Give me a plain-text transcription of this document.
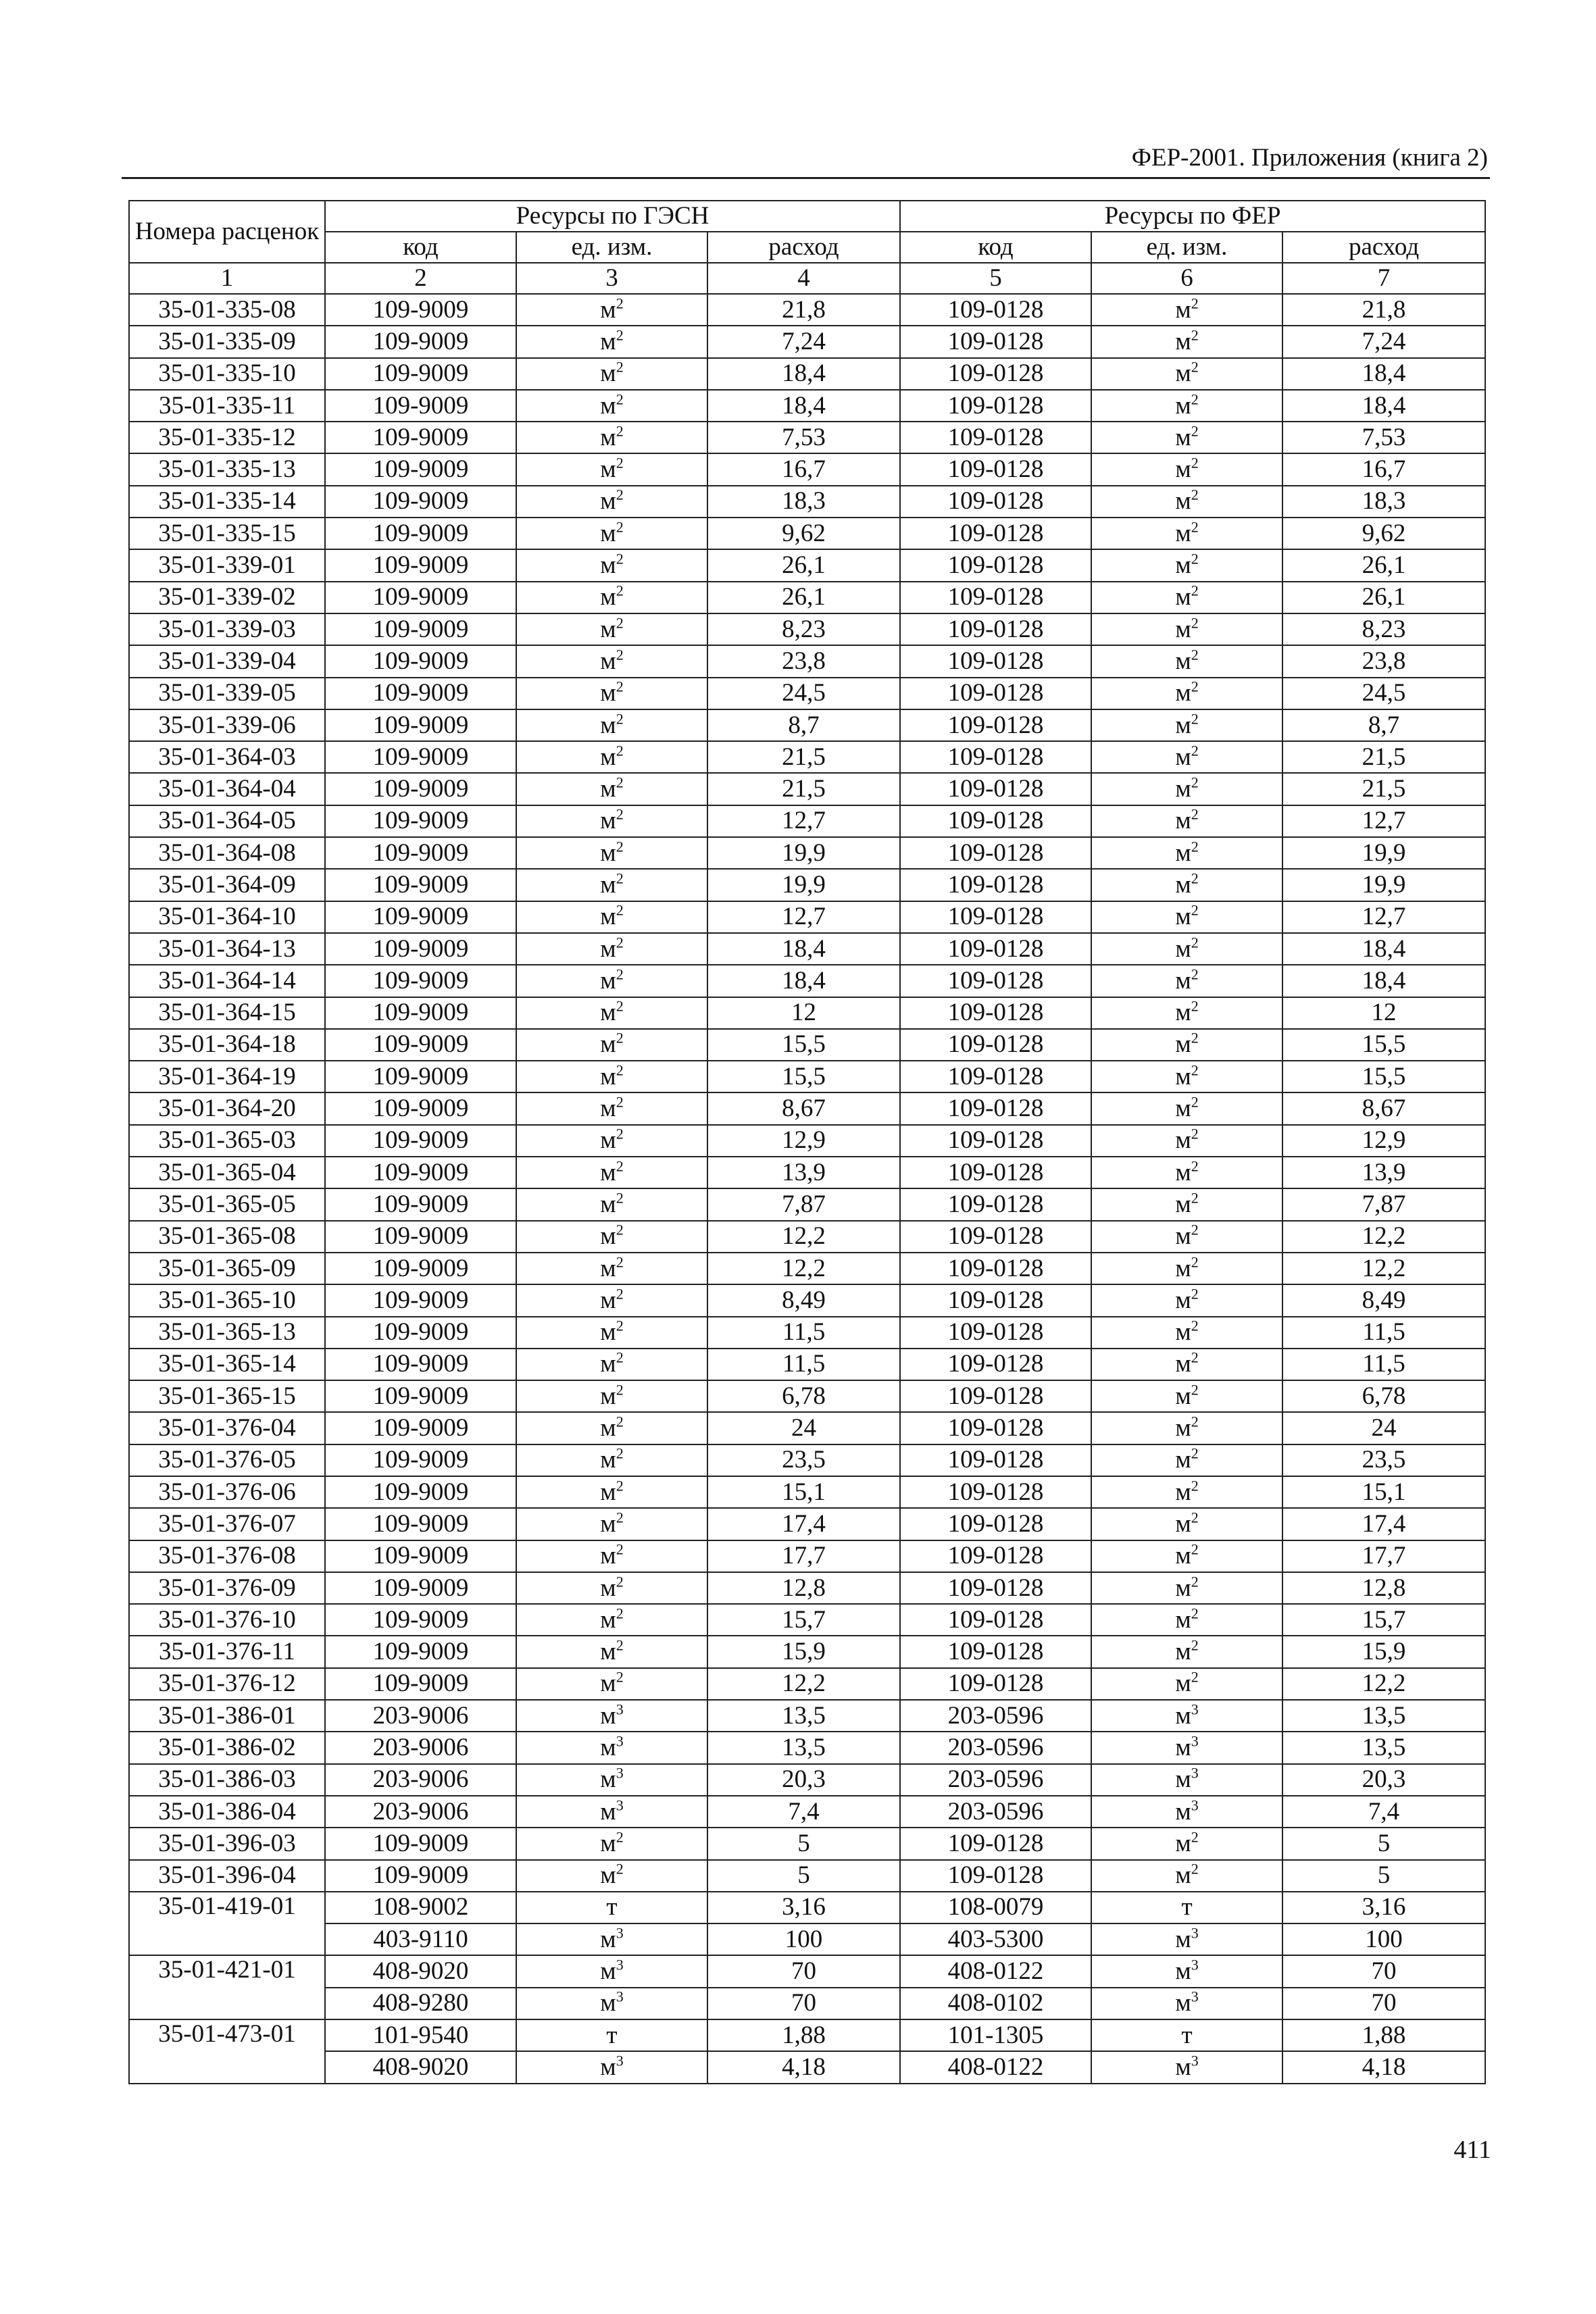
ФЕР-2001. Приложения (книга 2)
Номера расценок	Ресурсы по ГЭСН			Ресурсы по ФЕР		
	код	ед. изм.	расход	код	ед. изм.	расход
1	2	3	4	5	6	7
35-01-335-08	109-9009	$м^2$	21,8	109-0128	$м^2$	21,8
35-01-335-09	109-9009	$м^2$	7,24	109-0128	$м^2$	7,24
35-01-335-10	109-9009	$м^2$	18,4	109-0128	$м^2$	18,4
35-01-335-11	109-9009	$м^2$	18,4	109-0128	$м^2$	18,4
35-01-335-12	109-9009	$м^2$	7,53	109-0128	$м^2$	7,53
35-01-335-13	109-9009	$м^2$	16,7	109-0128	$м^2$	16,7
35-01-335-14	109-9009	$м^2$	18,3	109-0128	$м^2$	18,3
35-01-335-15	109-9009	$м^2$	9,62	109-0128	$м^2$	9,62
35-01-339-01	109-9009	$м^2$	26,1	109-0128	$м^2$	26,1
35-01-339-02	109-9009	$м^2$	26,1	109-0128	$м^2$	26,1
35-01-339-03	109-9009	$м^2$	8,23	109-0128	$м^2$	8,23
35-01-339-04	109-9009	$м^2$	23,8	109-0128	$м^2$	23,8
35-01-339-05	109-9009	$м^2$	24,5	109-0128	$м^2$	24,5
35-01-339-06	109-9009	$м^2$	8,7	109-0128	$м^2$	8,7
35-01-364-03	109-9009	$м^2$	21,5	109-0128	$м^2$	21,5
35-01-364-04	109-9009	$м^2$	21,5	109-0128	$м^2$	21,5
35-01-364-05	109-9009	$м^2$	12,7	109-0128	$м^2$	12,7
35-01-364-08	109-9009	$м^2$	19,9	109-0128	$м^2$	19,9
35-01-364-09	109-9009	$м^2$	19,9	109-0128	$м^2$	19,9
35-01-364-10	109-9009	$м^2$	12,7	109-0128	$м^2$	12,7
35-01-364-13	109-9009	$м^2$	18,4	109-0128	$м^2$	18,4
35-01-364-14	109-9009	$м^2$	18,4	109-0128	$м^2$	18,4
35-01-364-15	109-9009	$м^2$	12	109-0128	$м^2$	12
35-01-364-18	109-9009	$м^2$	15,5	109-0128	$м^2$	15,5
35-01-364-19	109-9009	$м^2$	15,5	109-0128	$м^2$	15,5
35-01-364-20	109-9009	$м^2$	8,67	109-0128	$м^2$	8,67
35-01-365-03	109-9009	$м^2$	12,9	109-0128	$м^2$	12,9
35-01-365-04	109-9009	$м^2$	13,9	109-0128	$м^2$	13,9
35-01-365-05	109-9009	$м^2$	7,87	109-0128	$м^2$	7,87
35-01-365-08	109-9009	$м^2$	12,2	109-0128	$м^2$	12,2
35-01-365-09	109-9009	$м^2$	12,2	109-0128	$м^2$	12,2
35-01-365-10	109-9009	$м^2$	8,49	109-0128	$м^2$	8,49
35-01-365-13	109-9009	$м^2$	11,5	109-0128	$м^2$	11,5
35-01-365-14	109-9009	$м^2$	11,5	109-0128	$м^2$	11,5
35-01-365-15	109-9009	$м^2$	6,78	109-0128	$м^2$	6,78
35-01-376-04	109-9009	$м^2$	24	109-0128	$м^2$	24
35-01-376-05	109-9009	$м^2$	23,5	109-0128	$м^2$	23,5
35-01-376-06	109-9009	$м^2$	15,1	109-0128	$м^2$	15,1
35-01-376-07	109-9009	$м^2$	17,4	109-0128	$м^2$	17,4
35-01-376-08	109-9009	$м^2$	17,7	109-0128	$м^2$	17,7
35-01-376-09	109-9009	$м^2$	12,8	109-0128	$м^2$	12,8
35-01-376-10	109-9009	$м^2$	15,7	109-0128	$м^2$	15,7
35-01-376-11	109-9009	$м^2$	15,9	109-0128	$м^2$	15,9
35-01-376-12	109-9009	$м^2$	12,2	109-0128	$м^2$	12,2
35-01-386-01	203-9006	$м^3$	13,5	203-0596	$м^3$	13,5
35-01-386-02	203-9006	$м^3$	13,5	203-0596	$м^3$	13,5
35-01-386-03	203-9006	$м^3$	20,3	203-0596	$м^3$	20,3
35-01-386-04	203-9006	$м^3$	7,4	203-0596	$м^3$	7,4
35-01-396-03	109-9009	$м^2$	5	109-0128	$м^2$	5
35-01-396-04	109-9009	$м^2$	5	109-0128	$м^2$	5
35-01-419-01	108-9002	т	3,16	108-0079	т	3,16
	403-9110	$м^3$	100	403-5300	$м^3$	100
35-01-421-01	408-9020	$м^3$	70	408-0122	$м^3$	70
	408-9280	$м^3$	70	408-0102	$м^3$	70
35-01-473-01	101-9540	т	1,88	101-1305	т	1,88
	408-9020	$м^3$	4,18	408-0122	$м^3$	4,18
411
